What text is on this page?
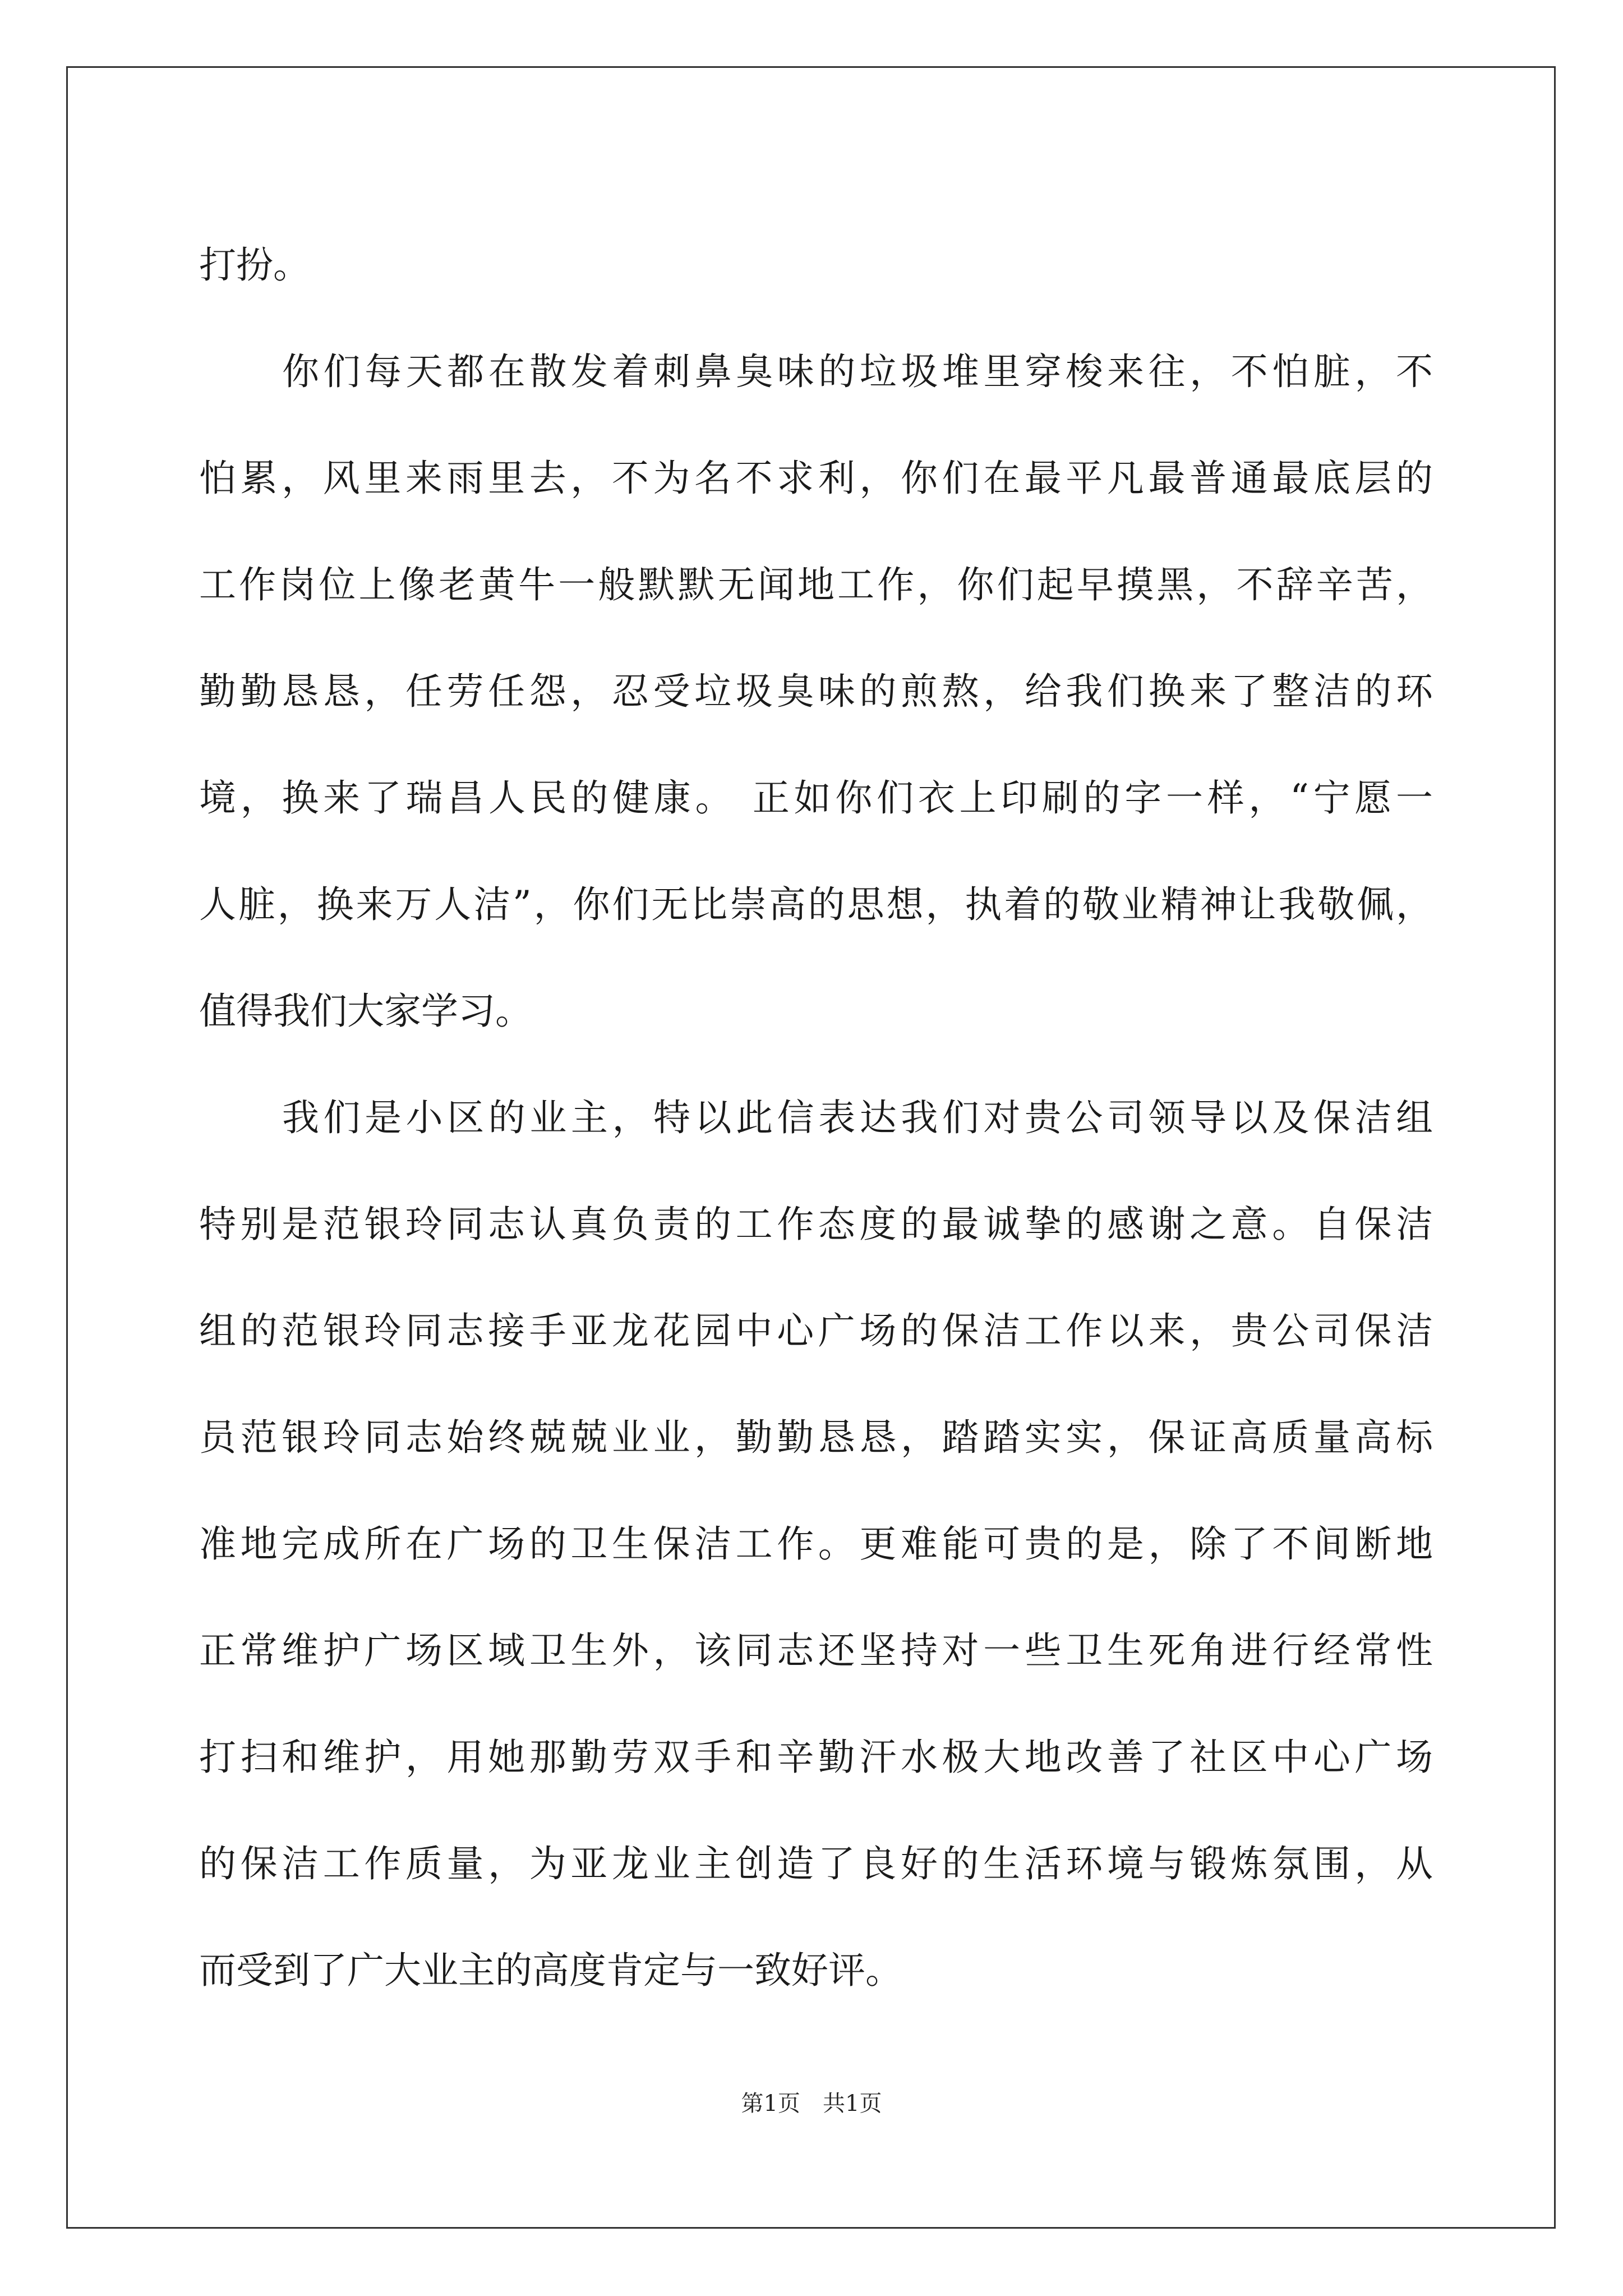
打扮。
你们每天都在散发着刺鼻臭味的垃圾堆里穿梭来往，不怕脏，不
怕累，风里来雨里去，不为名不求利，你们在最平凡最普通最底层的
工作岗位上像老黄牛一般默默无闻地工作，你们起早摸黑，不辞辛苦，
勤勤恳恳，任劳任怨，忍受垃圾臭味的煎熬，给我们换来了整洁的环
境，换来了瑞昌人民的健康。 正如你们衣上印刷的字一样，“宁愿一
人脏，换来万人洁”，你们无比崇高的思想，执着的敬业精神让我敬佩，
值得我们大家学习。
我们是小区的业主，特以此信表达我们对贵公司领导以及保洁组
特别是范银玲同志认真负责的工作态度的最诚挚的感谢之意。自保洁
组的范银玲同志接手亚龙花园中心广场的保洁工作以来，贵公司保洁
员范银玲同志始终兢兢业业，勤勤恳恳，踏踏实实，保证高质量高标
准地完成所在广场的卫生保洁工作。更难能可贵的是，除了不间断地
正常维护广场区域卫生外，该同志还坚持对一些卫生死角进行经常性
打扫和维护，用她那勤劳双手和辛勤汗水极大地改善了社区中心广场
的保洁工作质量，为亚龙业主创造了良好的生活环境与锻炼氛围，从
而受到了广大业主的高度肯定与一致好评。
第1页 共1页
